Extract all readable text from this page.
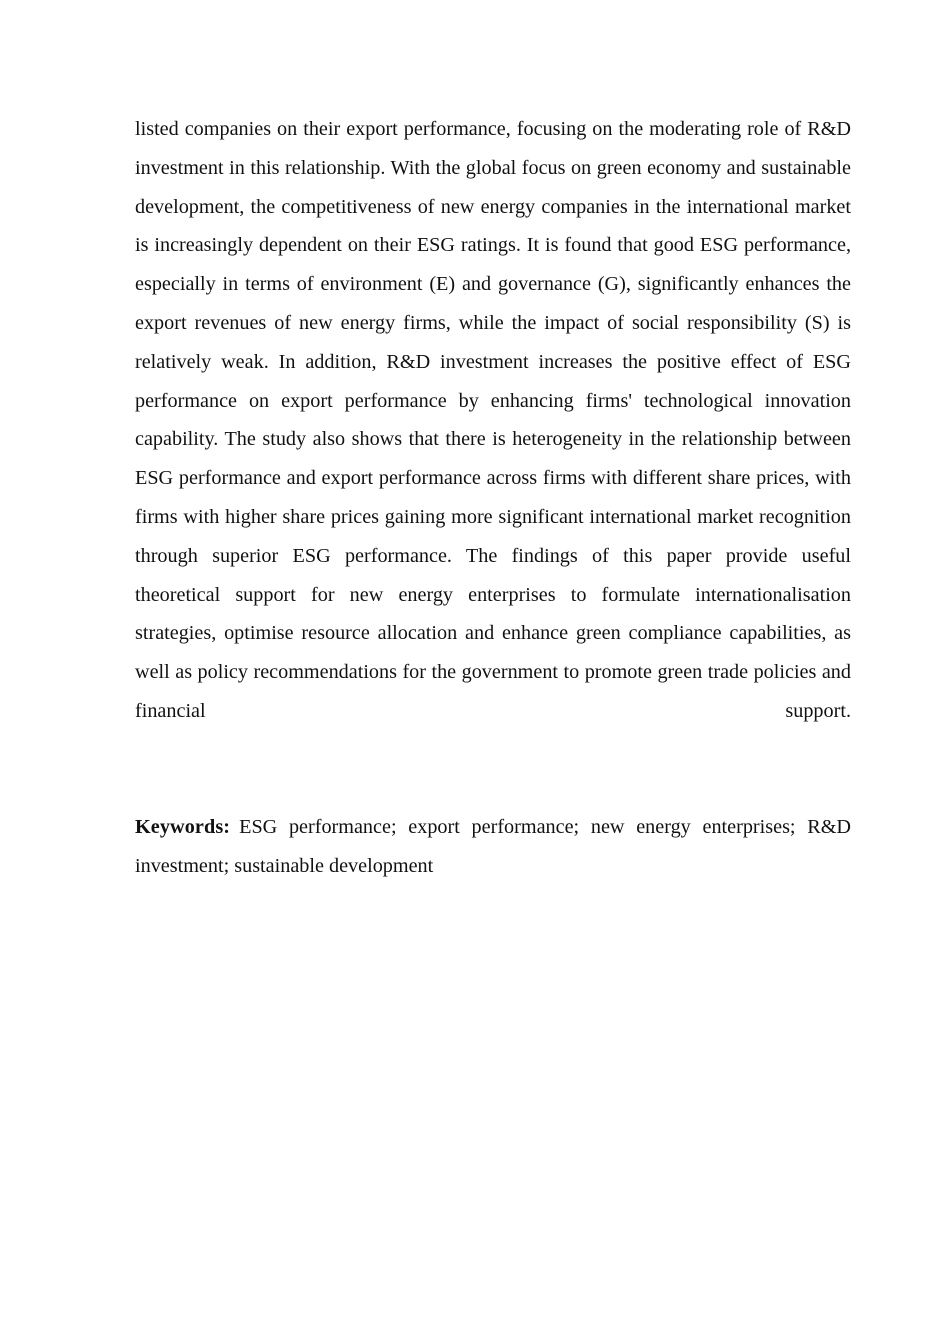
listed companies on their export performance, focusing on the moderating role of R&D investment in this relationship. With the global focus on green economy and sustainable development, the competitiveness of new energy companies in the international market is increasingly dependent on their ESG ratings. It is found that good ESG performance, especially in terms of environment (E) and governance (G), significantly enhances the export revenues of new energy firms, while the impact of social responsibility (S) is relatively weak. In addition, R&D investment increases the positive effect of ESG performance on export performance by enhancing firms' technological innovation capability. The study also shows that there is heterogeneity in the relationship between ESG performance and export performance across firms with different share prices, with firms with higher share prices gaining more significant international market recognition through superior ESG performance. The findings of this paper provide useful theoretical support for new energy enterprises to formulate internationalisation strategies, optimise resource allocation and enhance green compliance capabilities, as well as policy recommendations for the government to promote green trade policies and financial support.

Keywords: ESG performance; export performance; new energy enterprises; R&D investment; sustainable development
